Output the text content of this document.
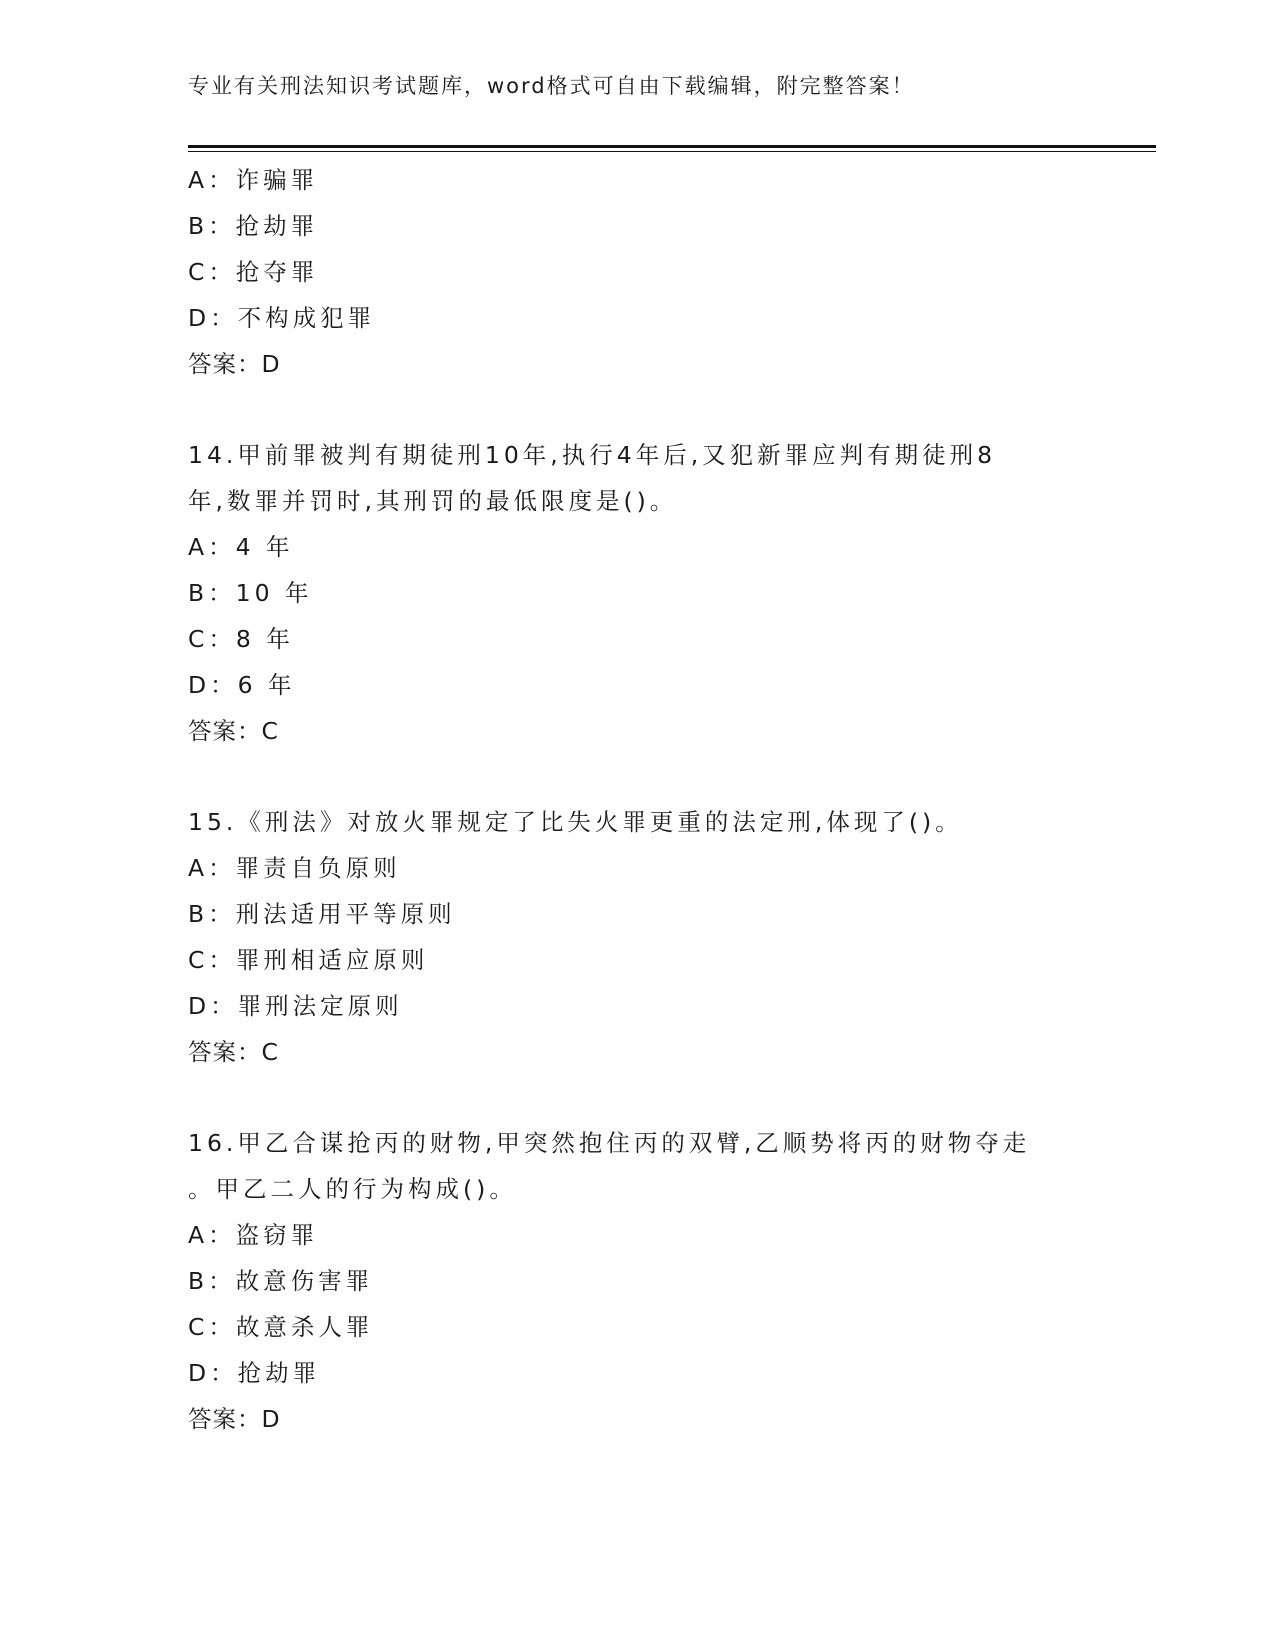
专业有关刑法知识考试题库，word格式可自由下载编辑，附完整答案！
A：诈骗罪
B：抢劫罪
C：抢夺罪
D：不构成犯罪
答案：D
14.甲前罪被判有期徒刑10年,执行4年后,又犯新罪应判有期徒刑8
年,数罪并罚时,其刑罚的最低限度是()。
A：4 年
B：10 年
C：8 年
D：6 年
答案：C
15.《刑法》对放火罪规定了比失火罪更重的法定刑,体现了()。
A：罪责自负原则
B：刑法适用平等原则
C：罪刑相适应原则
D：罪刑法定原则
答案：C
16.甲乙合谋抢丙的财物,甲突然抱住丙的双臂,乙顺势将丙的财物夺走
。甲乙二人的行为构成()。
A：盗窃罪
B：故意伤害罪
C：故意杀人罪
D：抢劫罪
答案：D
